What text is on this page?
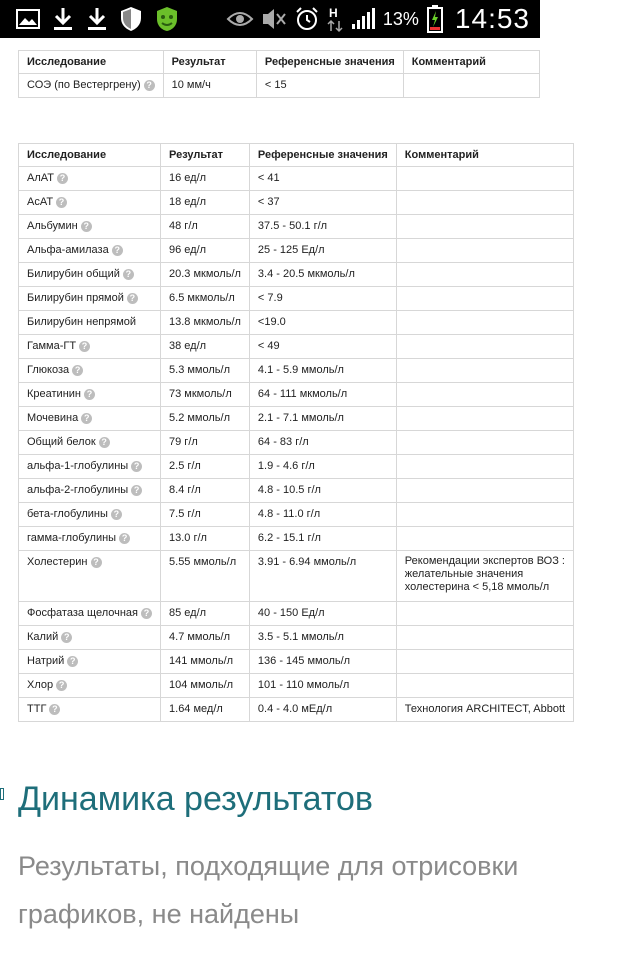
H	13% 14:53
Исследование	Результат	Референсные значения	Комментарий
СОЭ (по Вестергрену) ?	10 мм/ч	< 15	
Исследование	Результат	Референсные значения	Комментарий
АлАТ ?	16 ед/л	< 41	
АсАТ ?	18 ед/л	< 37	
Альбумин ?	48 г/л	37.5 - 50.1 г/л	
Альфа-амилаза ?	96 ед/л	25 - 125 Ед/л	
Билирубин общий ?	20.3 мкмоль/л	3.4 - 20.5 мкмоль/л	
Билирубин прямой ?	6.5 мкмоль/л	< 7.9	
Билирубин непрямой	13.8 мкмоль/л	<19.0	
Гамма-ГТ ?	38 ед/л	< 49	
Глюкоза ?	5.3 ммоль/л	4.1 - 5.9 ммоль/л	
Креатинин ?	73 мкмоль/л	64 - 111 мкмоль/л	
Мочевина ?	5.2 ммоль/л	2.1 - 7.1 ммоль/л	
Общий белок ?	79 г/л	64 - 83 г/л	
альфа-1-глобулины ?	2.5 г/л	1.9 - 4.6 г/л	
альфа-2-глобулины ?	8.4 г/л	4.8 - 10.5 г/л	
бета-глобулины ?	7.5 г/л	4.8 - 11.0 г/л	
гамма-глобулины ?	13.0 г/л	6.2 - 15.1 г/л	
Холестерин ?	5.55 ммоль/л	3.91 - 6.94 ммоль/л	Рекомендации экспертов ВОЗ : желательные значения холестерина < 5,18 ммоль/л
Фосфатаза щелочная ?	85 ед/л	40 - 150 Ед/л	
Калий ?	4.7 ммоль/л	3.5 - 5.1 ммоль/л	
Натрий ?	141 ммоль/л	136 - 145 ммоль/л	
Хлор ?	104 ммоль/л	101 - 110 ммоль/л	
ТТГ ?	1.64 мед/л	0.4 - 4.0 мЕд/л	Технология ARCHITECT, Abbott
Динамика результатов
Результаты, подходящие для отрисовки графиков, не найдены
